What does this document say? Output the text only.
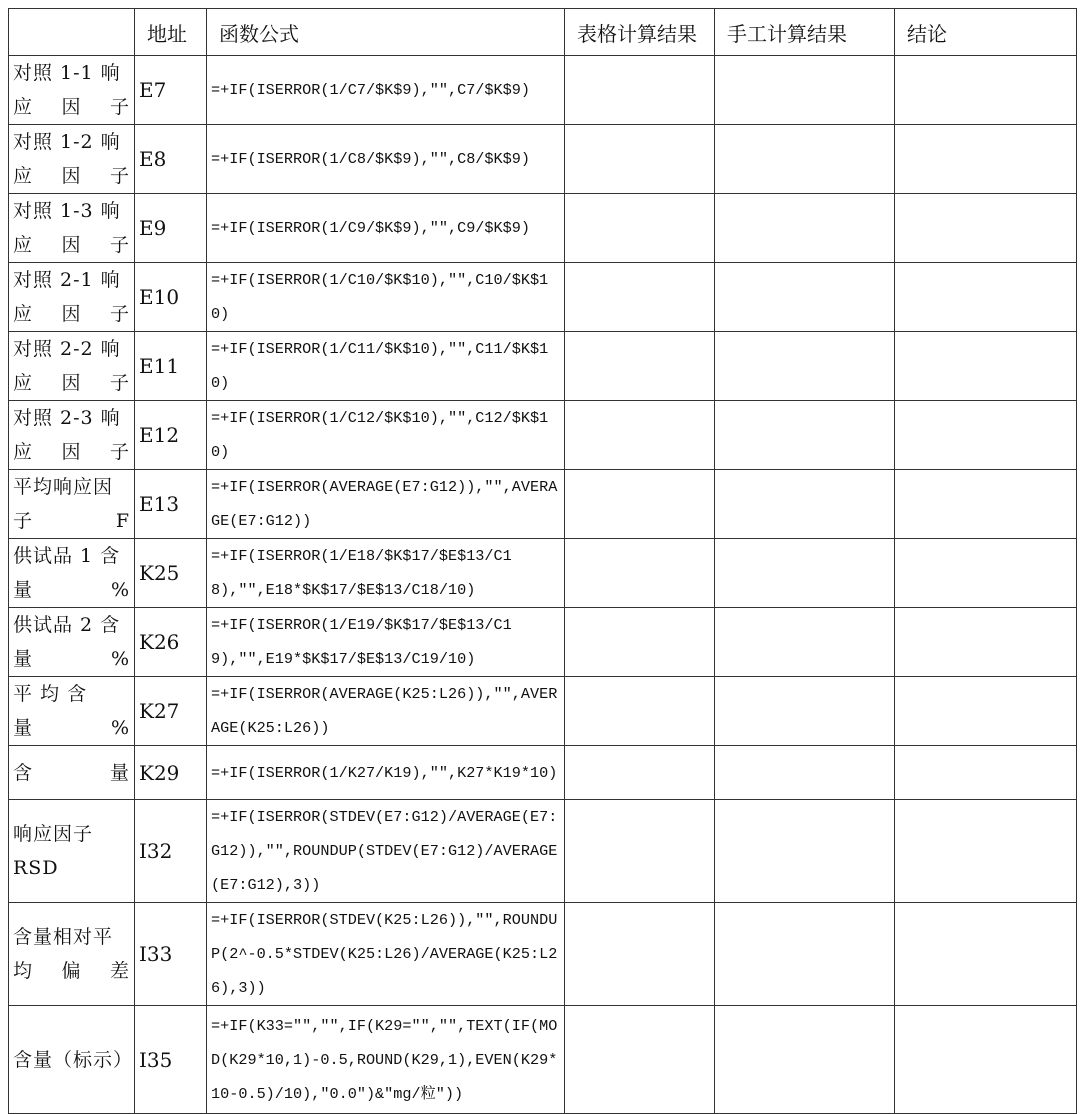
	地址	函数公式	表格计算结果	手工计算结果	结论
对照 1-1 响应因子	E7	=+IF(ISERROR(1/C7/$K$9),"",C7/$K$9)			
对照 1-2 响应因子	E8	=+IF(ISERROR(1/C8/$K$9),"",C8/$K$9)			
对照 1-3 响应因子	E9	=+IF(ISERROR(1/C9/$K$9),"",C9/$K$9)			
对照 2-1 响应因子	E10	=+IF(ISERROR(1/C10/$K$10),"",C10/$K$10)			
对照 2-2 响应因子	E11	=+IF(ISERROR(1/C11/$K$10),"",C11/$K$10)			
对照 2-3 响应因子	E12	=+IF(ISERROR(1/C12/$K$10),"",C12/$K$10)			
平均响应因子F	E13	=+IF(ISERROR(AVERAGE(E7:G12)),"",AVERAGE(E7:G12))			
供试品 1 含量%	K25	=+IF(ISERROR(1/E18/$K$17/$E$13/C18),"",E18*$K$17/$E$13/C18/10)			
供试品 2 含量%	K26	=+IF(ISERROR(1/E19/$K$17/$E$13/C19),"",E19*$K$17/$E$13/C19/10)			
平 均 含 量%	K27	=+IF(ISERROR(AVERAGE(K25:L26)),"",AVERAGE(K25:L26))			
含量	K29	=+IF(ISERROR(1/K27/K19),"",K27*K19*10)			
响应因子 RSD	I32	=+IF(ISERROR(STDEV(E7:G12)/AVERAGE(E7:G12)),"",ROUNDUP(STDEV(E7:G12)/AVERAGE(E7:G12),3))			
含量相对平均偏差	I33	=+IF(ISERROR(STDEV(K25:L26)),"",ROUNDUP(2^-0.5*STDEV(K25:L26)/AVERAGE(K25:L26),3))			
含量（标示）	I35	=+IF(K33="","",IF(K29="","",TEXT(IF(MOD(K29*10,1)-0.5,ROUND(K29,1),EVEN(K29*10-0.5)/10),"0.0")&"mg/粒"))			
